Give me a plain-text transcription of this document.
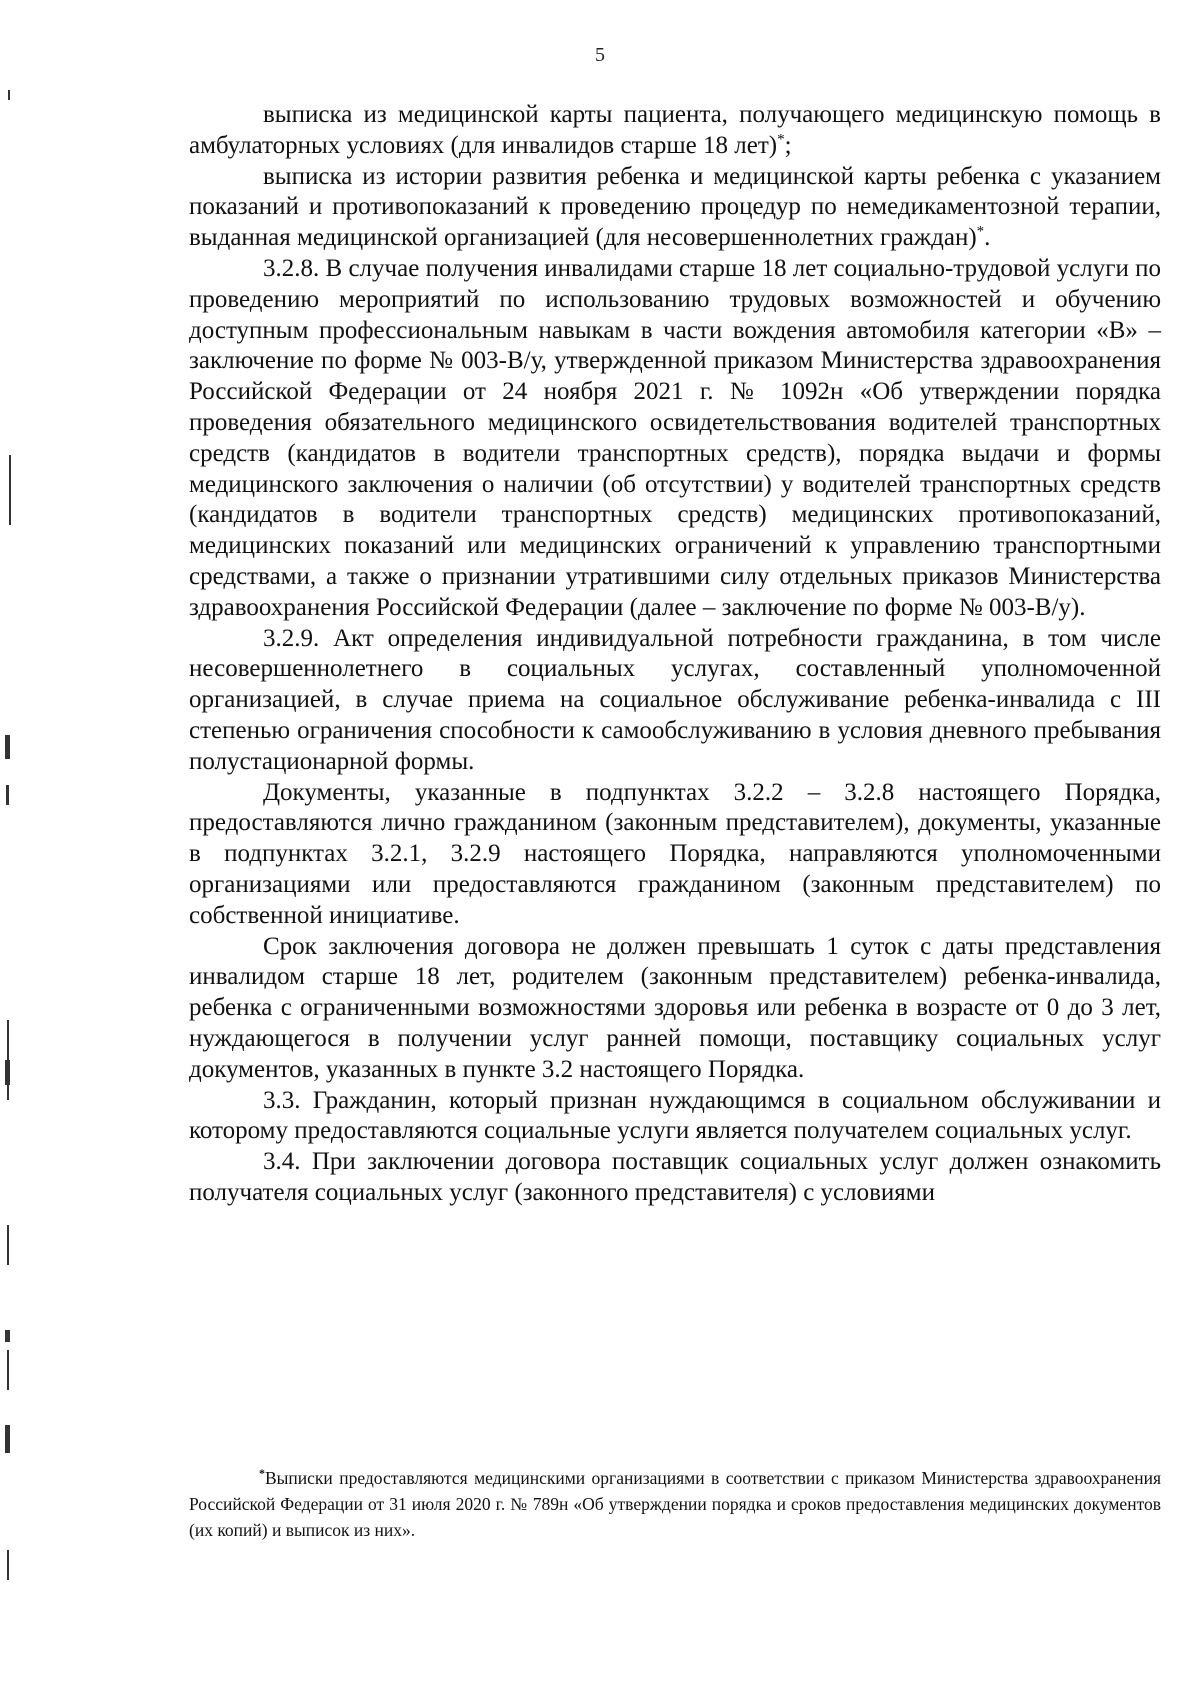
5

выписка из медицинской карты пациента, получающего медицинскую помощь в амбулаторных условиях (для инвалидов старше 18 лет)*;

выписка из истории развития ребенка и медицинской карты ребенка с указанием показаний и противопоказаний к проведению процедур по немедикаментозной терапии, выданная медицинской организацией (для несовершеннолетних граждан)*.

3.2.8. В случае получения инвалидами старше 18 лет социально-трудовой услуги по проведению мероприятий по использованию трудовых возможностей и обучению доступным профессиональным навыкам в части вождения автомобиля категории «В» – заключение по форме № 003-В/у, утвержденной приказом Министерства здравоохранения Российской Федерации от 24 ноября 2021 г. № 1092н «Об утверждении порядка проведения обязательного медицинского освидетельствования водителей транспортных средств (кандидатов в водители транспортных средств), порядка выдачи и формы медицинского заключения о наличии (об отсутствии) у водителей транспортных средств (кандидатов в водители транспортных средств) медицинских противопоказаний, медицинских показаний или медицинских ограничений к управлению транспортными средствами, а также о признании утратившими силу отдельных приказов Министерства здравоохранения Российской Федерации (далее – заключение по форме № 003-В/у).

3.2.9. Акт определения индивидуальной потребности гражданина, в том числе несовершеннолетнего в социальных услугах, составленный уполномоченной организацией, в случае приема на социальное обслуживание ребенка-инвалида с III степенью ограничения способности к самообслуживанию в условия дневного пребывания полустационарной формы.

Документы, указанные в подпунктах 3.2.2 – 3.2.8 настоящего Порядка, предоставляются лично гражданином (законным представителем), документы, указанные в подпунктах 3.2.1, 3.2.9 настоящего Порядка, направляются уполномоченными организациями или предоставляются гражданином (законным представителем) по собственной инициативе.

Срок заключения договора не должен превышать 1 суток с даты представления инвалидом старше 18 лет, родителем (законным представителем) ребенка-инвалида, ребенка с ограниченными возможностями здоровья или ребенка в возрасте от 0 до 3 лет, нуждающегося в получении услуг ранней помощи, поставщику социальных услуг документов, указанных в пункте 3.2 настоящего Порядка.

3.3. Гражданин, который признан нуждающимся в социальном обслуживании и которому предоставляются социальные услуги является получателем социальных услуг.

3.4. При заключении договора поставщик социальных услуг должен ознакомить получателя социальных услуг (законного представителя) с условиями

*Выписки предоставляются медицинскими организациями в соответствии с приказом Министерства здравоохранения Российской Федерации от 31 июля 2020 г. № 789н «Об утверждении порядка и сроков предоставления медицинских документов (их копий) и выписок из них».
